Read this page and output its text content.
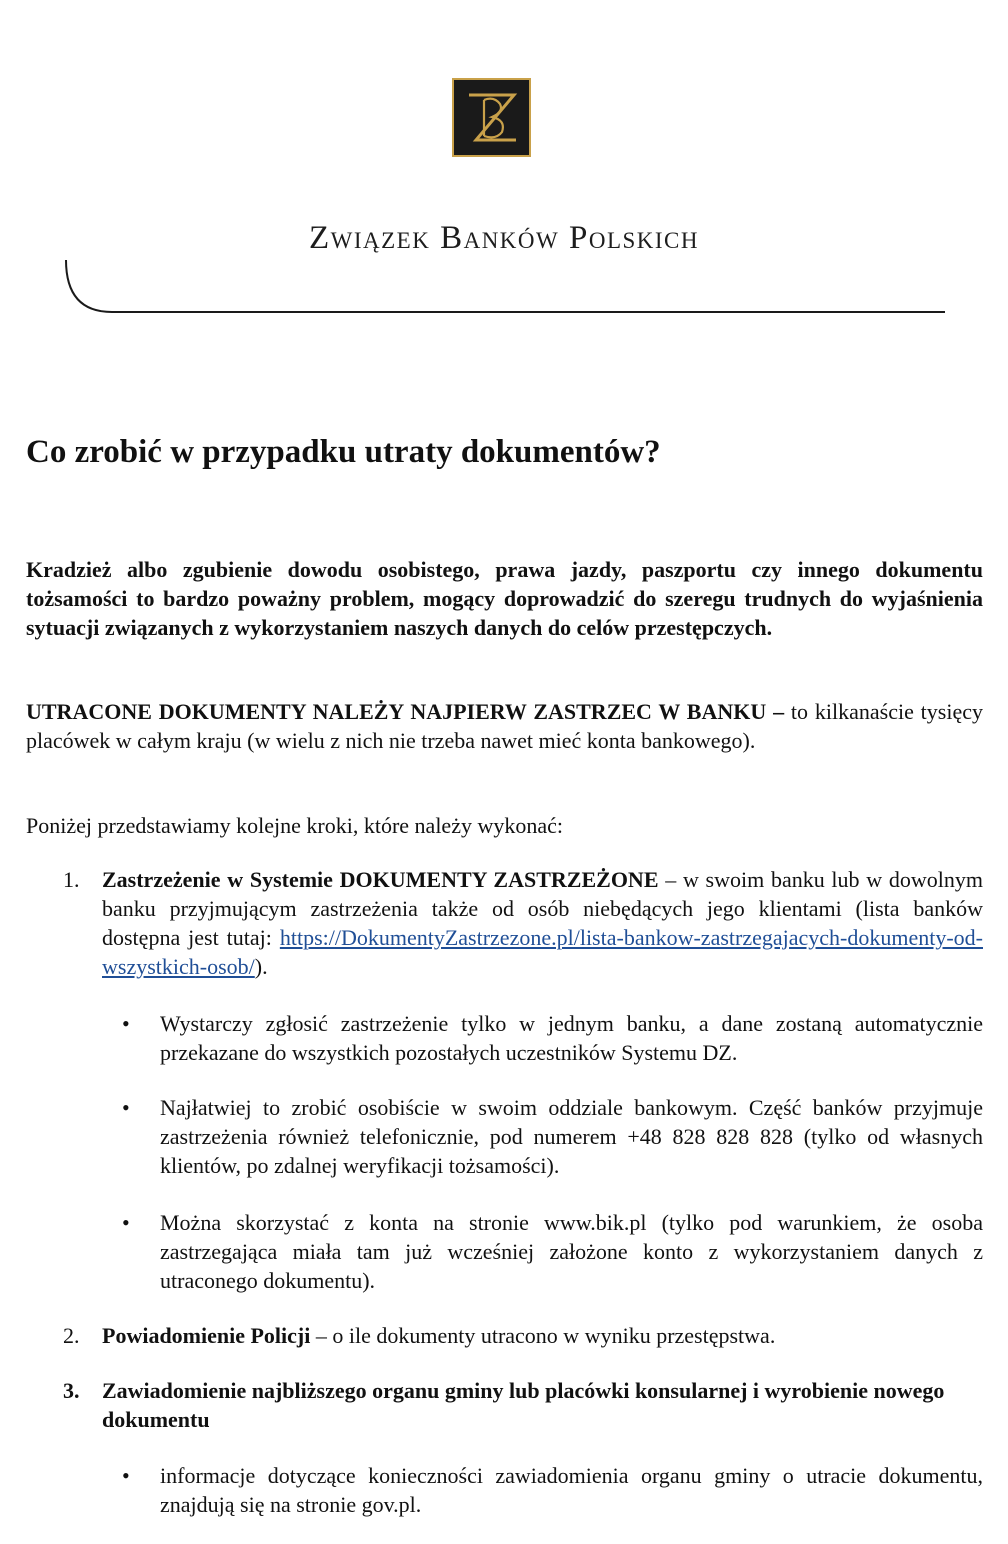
Związek Banków Polskich
Co zrobić w przypadku utraty dokumentów?
Kradzież albo zgubienie dowodu osobistego, prawa jazdy, paszportu czy innego dokumentu tożsamości to bardzo poważny problem, mogący doprowadzić do szeregu trudnych do wyjaśnienia sytuacji związanych z wykorzystaniem naszych danych do celów przestępczych.
UTRACONE DOKUMENTY NALEŻY NAJPIERW ZASTRZEC W BANKU – to kilkanaście tysięcy placówek w całym kraju (w wielu z nich nie trzeba nawet mieć konta bankowego).
Poniżej przedstawiamy kolejne kroki, które należy wykonać:
1.	Zastrzeżenie w Systemie DOKUMENTY ZASTRZEŻONE – w swoim banku lub w dowolnym banku przyjmującym zastrzeżenia także od osób niebędących jego klientami (lista banków dostępna jest tutaj: https://DokumentyZastrzezone.pl/lista-bankow-zastrzegajacych-dokumenty-od-wszystkich-osob/).
• Wystarczy zgłosić zastrzeżenie tylko w jednym banku, a dane zostaną automatycznie przekazane do wszystkich pozostałych uczestników Systemu DZ.
• Najłatwiej to zrobić osobiście w swoim oddziale bankowym. Część banków przyjmuje zastrzeżenia również telefonicznie, pod numerem +48 828 828 828 (tylko od własnych klientów, po zdalnej weryfikacji tożsamości).
• Można skorzystać z konta na stronie www.bik.pl (tylko pod warunkiem, że osoba zastrzegająca miała tam już wcześniej założone konto z wykorzystaniem danych z utraconego dokumentu).
2.	Powiadomienie Policji – o ile dokumenty utracono w wyniku przestępstwa.
3.	Zawiadomienie najbliższego organu gminy lub placówki konsularnej i wyrobienie nowego dokumentu
• informacje dotyczące konieczności zawiadomienia organu gminy o utracie dokumentu, znajdują się na stronie gov.pl.
